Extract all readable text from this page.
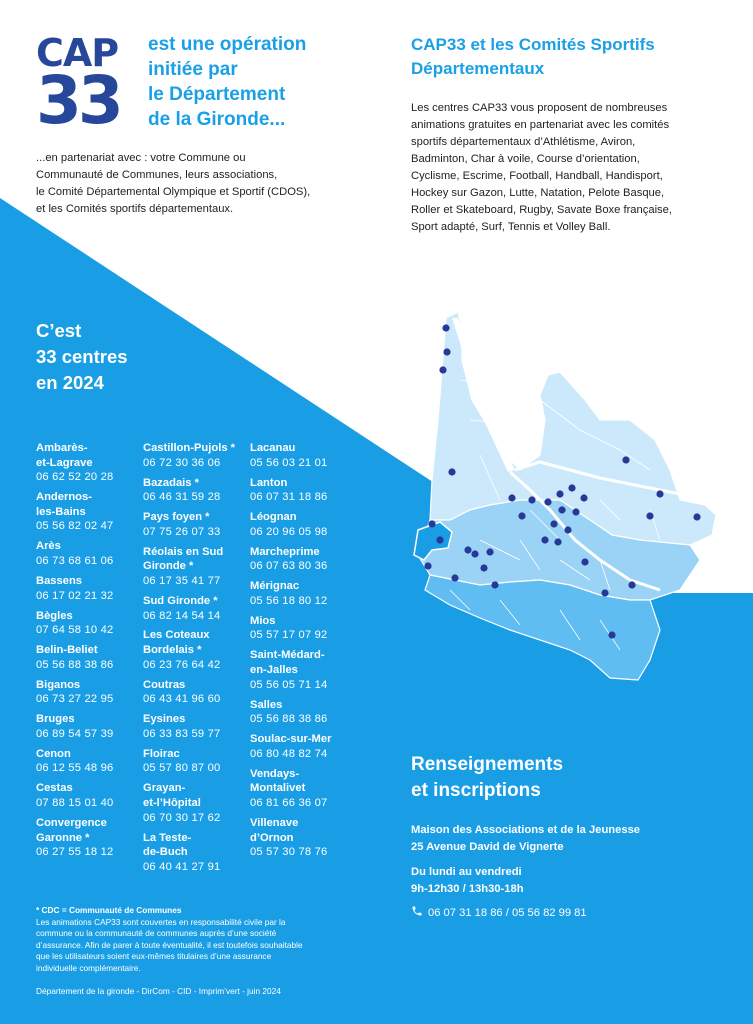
CAP
33
est une opération
initiée par
le Département
de la Gironde...
...en partenariat avec : votre Commune ou
Communauté de Communes, leurs associations,
le Comité Départemental Olympique et Sportif (CDOS),
et les Comités sportifs départementaux.
CAP33 et les Comités Sportifs
Départementaux
Les centres CAP33 vous proposent de nombreuses
animations gratuites en partenariat avec les comités
sportifs départementaux d’Athlétisme, Aviron,
Badminton, Char à voile, Course d’orientation,
Cyclisme, Escrime, Football, Handball, Handisport,
Hockey sur Gazon, Lutte, Natation, Pelote Basque,
Roller et Skateboard, Rugby, Savate Boxe française,
Sport adapté, Surf, Tennis et Volley Ball.
C’est
33 centres
en 2024
Ambarès-
et-Lagrave
06 62 52 20 28
Andernos-
les-Bains
05 56 82 02 47
Arès
06 73 68 61 06
Bassens
06 17 02 21 32
Bègles
07 64 58 10 42
Belin-Beliet
05 56 88 38 86
Biganos
06 73 27 22 95
Bruges
06 89 54 57 39
Cenon
06 12 55 48 96
Cestas
07 88 15 01 40
Convergence
Garonne *
06 27 55 18 12
Castillon-Pujols *
06 72 30 36 06
Bazadais *
06 46 31 59 28
Pays foyen *
07 75 26 07 33
Réolais en Sud
Gironde *
06 17 35 41 77
Sud Gironde *
06 82 14 54 14
Les Coteaux
Bordelais *
06 23 76 64 42
Coutras
06 43 41 96 60
Eysines
06 33 83 59 77
Floirac
05 57 80 87 00
Grayan-
et-l’Hôpital
06 70 30 17 62
La Teste-
de-Buch
06 40 41 27 91
Lacanau
05 56 03 21 01
Lanton
06 07 31 18 86
Léognan
06 20 96 05 98
Marcheprime
06 07 63 80 36
Mérignac
05 56 18 80 12
Mios
05 57 17 07 92
Saint-Médard-
en-Jalles
05 56 05 71 14
Salles
05 56 88 38 86
Soulac-sur-Mer
06 80 48 82 74
Vendays-
Montalivet
06 81 66 36 07
Villenave
d’Ornon
05 57 30 78 76
* CDC = Communauté de Communes
Les animations CAP33 sont couvertes en responsabilité civile par la
commune ou la communauté de communes auprès d’une société
d’assurance. Afin de parer à toute éventualité, il est toutefois souhaitable
que les utilisateurs soient eux-mêmes titulaires d’une assurance
individuelle complémentaire.
Département de la gironde - DirCom - CID - Imprim’vert - juin 2024
Renseignements
et inscriptions
Maison des Associations et de la Jeunesse
25 Avenue David de Vignerte
Du lundi au vendredi
9h-12h30 / 13h30-18h
06 07 31 18 86 / 05 56 82 99 81
